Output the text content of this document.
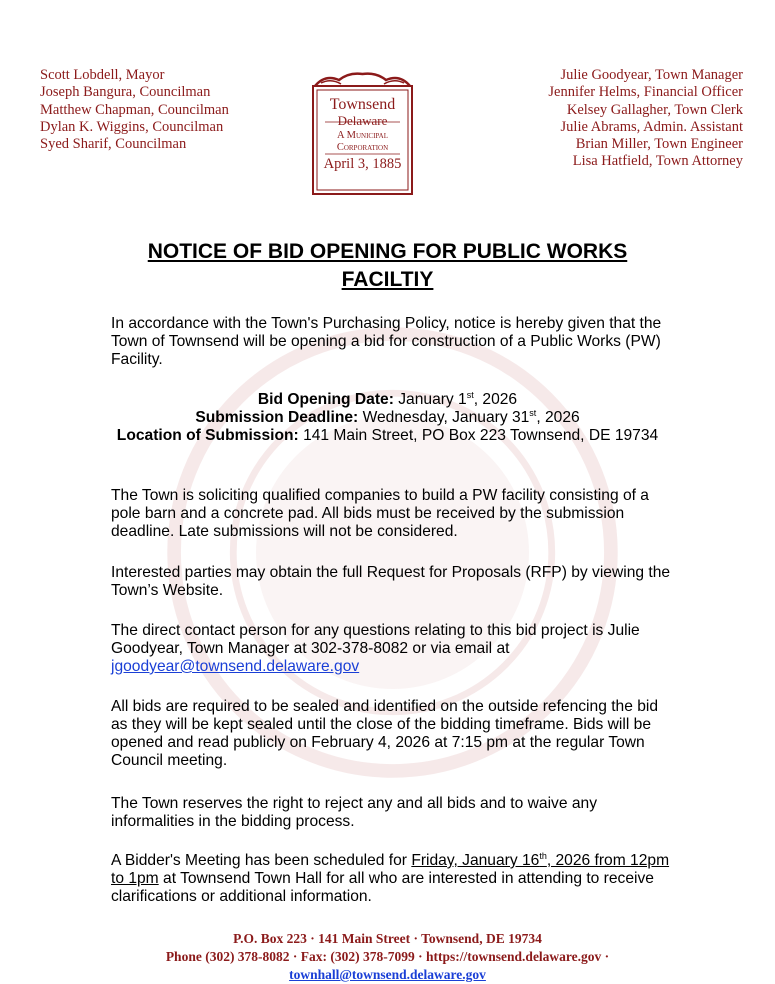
Scott Lobdell, Mayor
Joseph Bangura, Councilman
Matthew Chapman, Councilman
Dylan K. Wiggins, Councilman
Syed Sharif, Councilman
Julie Goodyear, Town Manager
Jennifer Helms, Financial Officer
Kelsey Gallagher, Town Clerk
Julie Abrams, Admin. Assistant
Brian Miller, Town Engineer
Lisa Hatfield, Town Attorney
Townsend
Delaware
A Municipal
Corporation
April 3, 1885
NOTICE OF BID OPENING FOR PUBLIC WORKS
FACILTIY
In accordance with the Town's Purchasing Policy, notice is hereby given that the Town of Townsend will be opening a bid for construction of a Public Works (PW) Facility.
Bid Opening Date: January 1st, 2026
Submission Deadline: Wednesday, January 31st, 2026
Location of Submission: 141 Main Street, PO Box 223 Townsend, DE 19734
The Town is soliciting qualified companies to build a PW facility consisting of a pole barn and a concrete pad. All bids must be received by the submission deadline. Late submissions will not be considered.
Interested parties may obtain the full Request for Proposals (RFP) by viewing the Town’s Website.
The direct contact person for any questions relating to this bid project is Julie Goodyear, Town Manager at 302-378-8082 or via email at jgoodyear@townsend.delaware.gov
All bids are required to be sealed and identified on the outside refencing the bid as they will be kept sealed until the close of the bidding timeframe. Bids will be opened and read publicly on February 4, 2026 at 7:15 pm at the regular Town Council meeting.
The Town reserves the right to reject any and all bids and to waive any informalities in the bidding process.
A Bidder's Meeting has been scheduled for Friday, January 16th, 2026 from 12pm to 1pm at Townsend Town Hall for all who are interested in attending to receive clarifications or additional information.
P.O. Box 223 · 141 Main Street · Townsend, DE 19734
Phone (302) 378-8082 · Fax: (302) 378-7099 · https://townsend.delaware.gov ·
townhall@townsend.delaware.gov
